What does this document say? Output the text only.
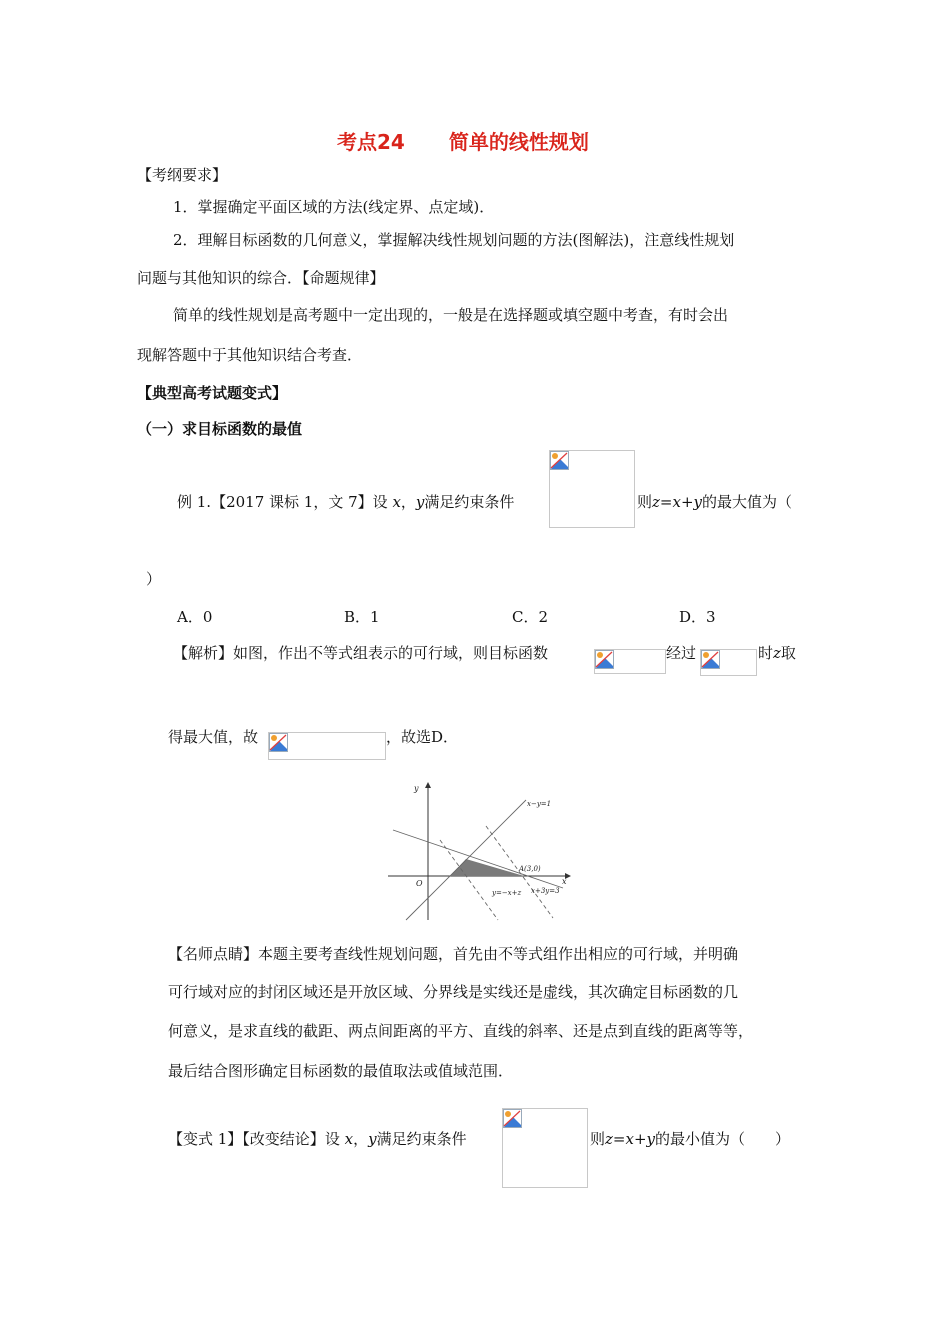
考点24 简单的线性规划
【考纲要求】
1．掌握确定平面区域的方法(线定界、点定域)．
2．理解目标函数的几何意义，掌握解决线性规划问题的方法(图解法)，注意线性规划
问题与其他知识的综合．【命题规律】
简单的线性规划是高考题中一定出现的，一般是在选择题或填空题中考查，有时会出
现解答题中于其他知识结合考查．
【典型高考试题变式】
（一）求目标函数的最值
例 1.【2017 课标 1，文 7】设 x，y满足约束条件	则z=x+y的最大值为（
）
A．0	B．1	C．2	D．3
【解析】如图，作出不等式组表示的可行域，则目标函数	经过	时z取
得最大值，故	，故选D．
y
x
O
x−y=1
A(3,0)
x+3y=3
y=−x+z
【名师点睛】本题主要考查线性规划问题，首先由不等式组作出相应的可行域，并明确
可行域对应的封闭区域还是开放区域、分界线是实线还是虚线，其次确定目标函数的几
何意义，是求直线的截距、两点间距离的平方、直线的斜率、还是点到直线的距离等等，
最后结合图形确定目标函数的最值取法或值域范围．
【变式 1】【改变结论】设 x，y满足约束条件	则z=x+y的最小值为（　　）
